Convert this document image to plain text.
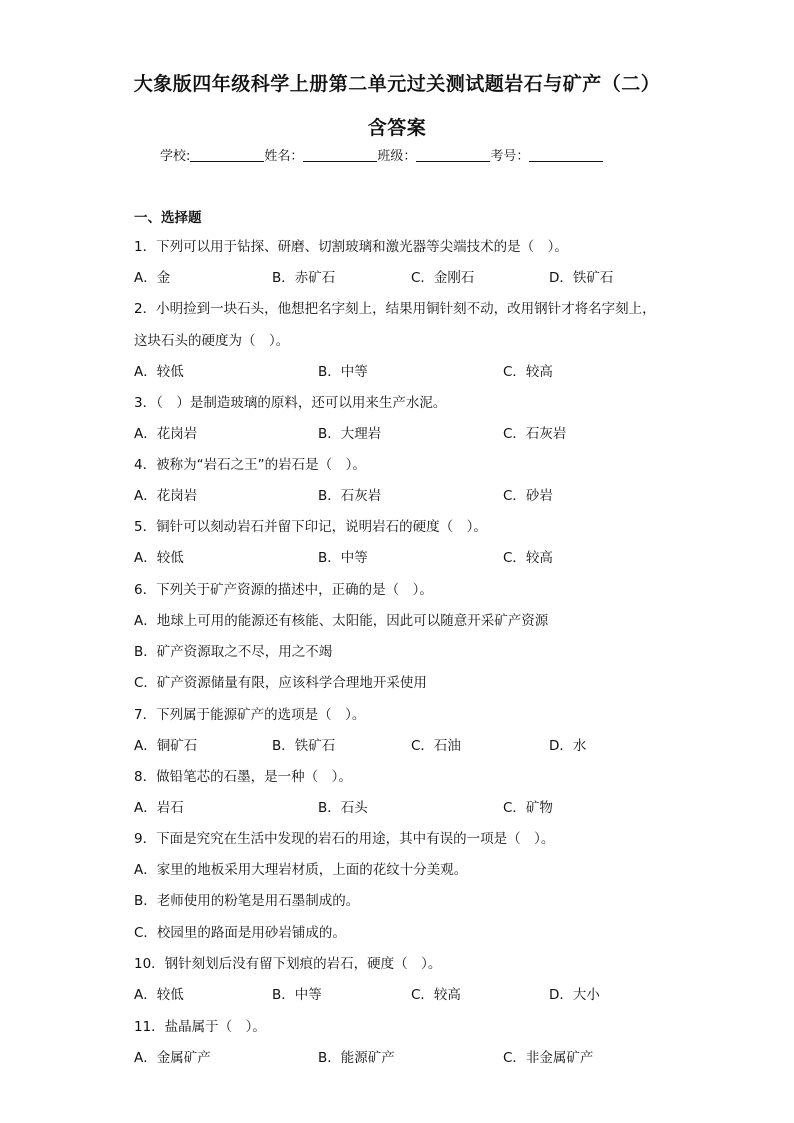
大象版四年级科学上册第二单元过关测试题岩石与矿产（二）
含答案
学校:	姓名：	班级：	考号：
一、选择题
1．下列可以用于钻探、研磨、切割玻璃和激光器等尖端技术的是（　）。
A．金	B．赤矿石	C．金刚石	D．铁矿石
2．小明捡到一块石头，他想把名字刻上，结果用铜针刻不动，改用钢针才将名字刻上，
这块石头的硬度为（　）。
A．较低	B．中等	C．较高
3．（　）是制造玻璃的原料，还可以用来生产水泥。
A．花岗岩	B．大理岩	C．石灰岩
4．被称为“岩石之王”的岩石是（　）。
A．花岗岩	B．石灰岩	C．砂岩
5．铜针可以刻动岩石并留下印记，说明岩石的硬度（　）。
A．较低	B．中等	C．较高
6．下列关于矿产资源的描述中，正确的是（　）。
A．地球上可用的能源还有核能、太阳能，因此可以随意开采矿产资源
B．矿产资源取之不尽，用之不竭
C．矿产资源储量有限，应该科学合理地开采使用
7．下列属于能源矿产的选项是（　）。
A．铜矿石	B．铁矿石	C．石油	D．水
8．做铅笔芯的石墨，是一种（　）。
A．岩石	B．石头	C．矿物
9．下面是究究在生活中发现的岩石的用途，其中有误的一项是（　）。
A．家里的地板采用大理岩材质，上面的花纹十分美观。
B．老师使用的粉笔是用石墨制成的。
C．校园里的路面是用砂岩铺成的。
10．钢针刻划后没有留下划痕的岩石，硬度（　）。
A．较低	B．中等	C．较高	D．大小
11．盐晶属于（　）。
A．金属矿产	B．能源矿产	C．非金属矿产
